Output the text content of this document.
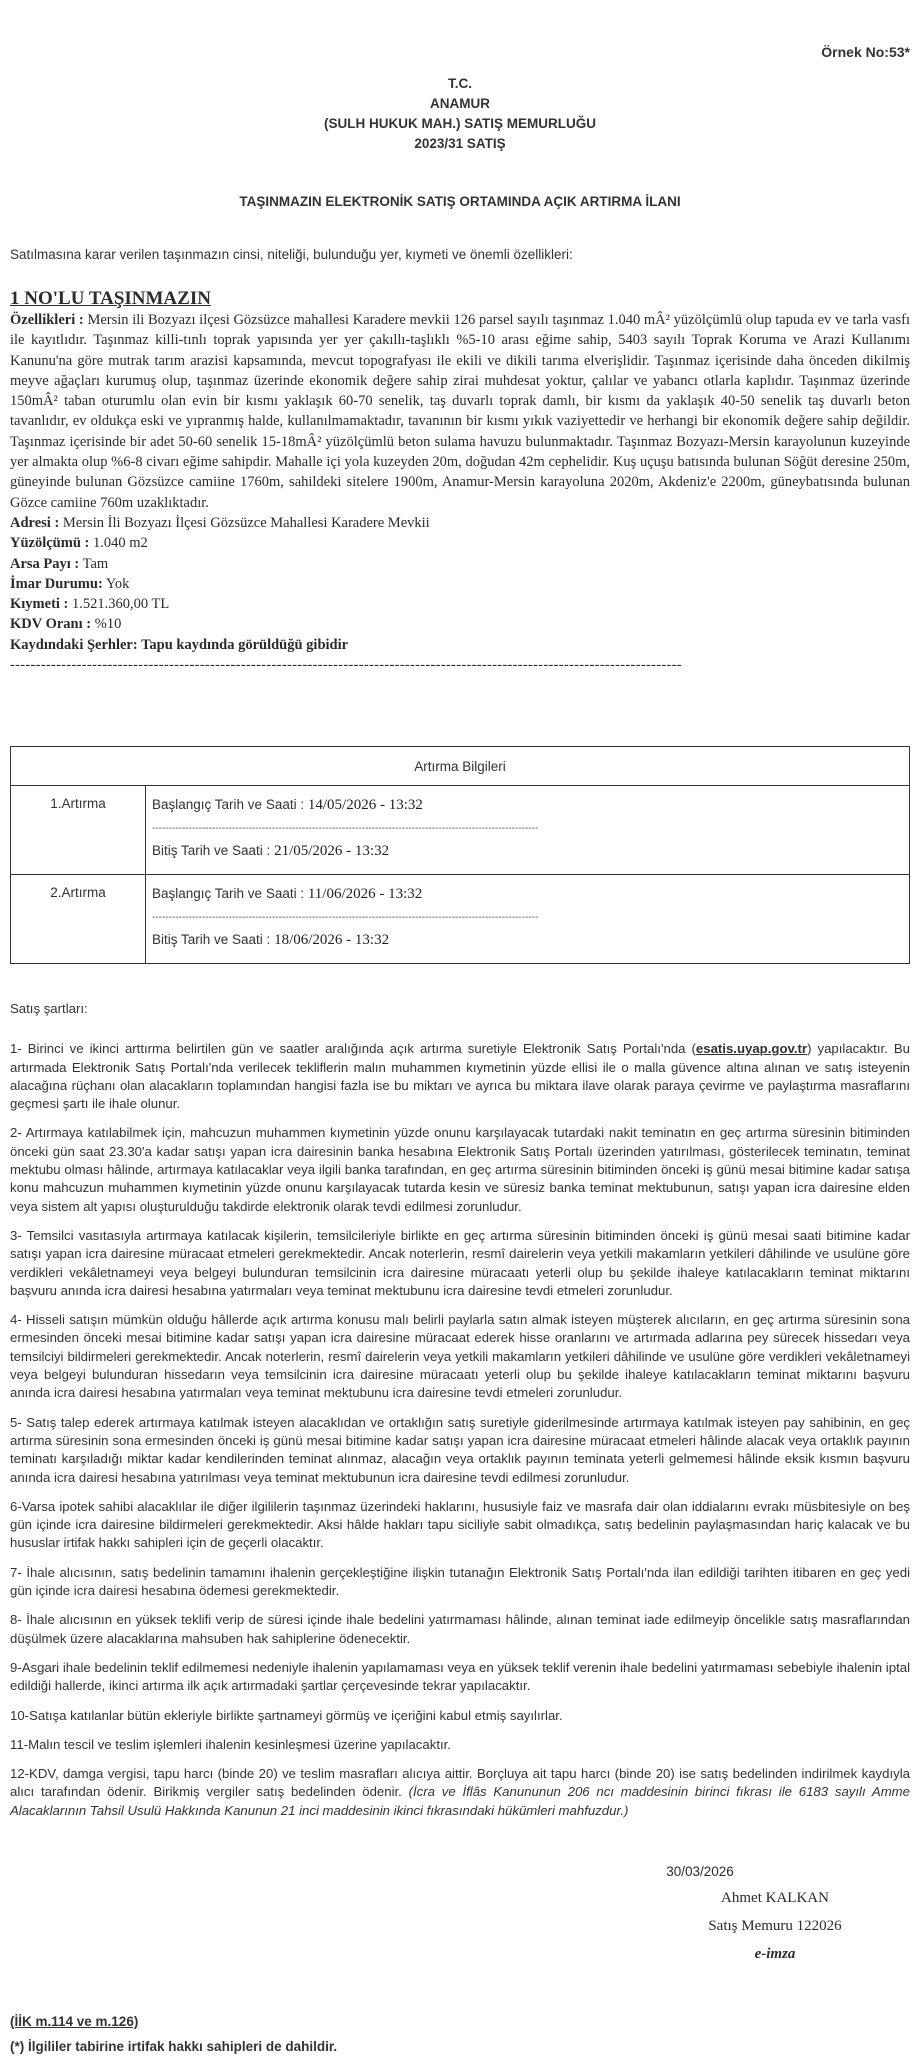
Örnek No:53*
T.C.
ANAMUR
(SULH HUKUK MAH.) SATIŞ MEMURLUĞU
2023/31 SATIŞ
TAŞINMAZIN ELEKTRONİK SATIŞ ORTAMINDA AÇIK ARTIRMA İLANI
Satılmasına karar verilen taşınmazın cinsi, niteliği, bulunduğu yer, kıymeti ve önemli özellikleri:
1 NO'LU TAŞINMAZIN
Özellikleri : Mersin ili Bozyazı ilçesi Gözsüzce mahallesi Karadere mevkii 126 parsel sayılı taşınmaz 1.040 mÂ² yüzölçümlü olup tapuda ev ve tarla vasfı ile kayıtlıdır. Taşınmaz killi-tınlı toprak yapısında yer yer çakıllı-taşlıklı %5-10 arası eğime sahip, 5403 sayılı Toprak Koruma ve Arazi Kullanımı Kanunu'na göre mutrak tarım arazisi kapsamında, mevcut topografyası ile ekili ve dikili tarıma elverişlidir. Taşınmaz içerisinde daha önceden dikilmiş meyve ağaçları kurumuş olup, taşınmaz üzerinde ekonomik değere sahip zirai muhdesat yoktur, çalılar ve yabancı otlarla kaplıdır. Taşınmaz üzerinde 150mÂ² taban oturumlu olan evin bir kısmı yaklaşık 60-70 senelik, taş duvarlı toprak damlı, bir kısmı da yaklaşık 40-50 senelik taş duvarlı beton tavanlıdır, ev oldukça eski ve yıpranmış halde, kullanılmamaktadır, tavanının bir kısmı yıkık vaziyettedir ve herhangi bir ekonomik değere sahip değildir. Taşınmaz içerisinde bir adet 50-60 senelik 15-18mÂ² yüzölçümlü beton sulama havuzu bulunmaktadır. Taşınmaz Bozyazı-Mersin karayolunun kuzeyinde yer almakta olup %6-8 civarı eğime sahipdir. Mahalle içi yola kuzeyden 20m, doğudan 42m cephelidir. Kuş uçuşu batısında bulunan Söğüt deresine 250m, güneyinde bulunan Gözsüzce camiine 1760m, sahildeki sitelere 1900m, Anamur-Mersin karayoluna 2020m, Akdeniz'e 2200m, güneybatısında bulunan Gözce camiine 760m uzaklıktadır.
Adresi : Mersin İli Bozyazı İlçesi Gözsüzce Mahallesi Karadere Mevkii
Yüzölçümü : 1.040 m2
Arsa Payı : Tam
İmar Durumu: Yok
Kıymeti : 1.521.360,00 TL
KDV Oranı : %10
Kaydındaki Şerhler: Tapu kaydında görüldüğü gibidir
-----------------------------------------------------------------------------------------------------------------------------------
Artırma Bilgileri	
1.Artırma	Başlangıç Tarih ve Saati : 14/05/2026 - 13:32
--------------------------------------------------------------------------------------------------------------------
Bitiş Tarih ve Saati : 21/05/2026 - 13:32

2.Artırma	Başlangıç Tarih ve Saati : 11/06/2026 - 13:32
--------------------------------------------------------------------------------------------------------------------
Bitiş Tarih ve Saati : 18/06/2026 - 13:32

Satış şartları:

1- Birinci ve ikinci arttırma belirtilen gün ve saatler aralığında açık artırma suretiyle Elektronik Satış Portalı'nda (esatis.uyap.gov.tr) yapılacaktır. Bu artırmada Elektronik Satış Portalı'nda verilecek tekliflerin malın muhammen kıymetinin yüzde ellisi ile o malla güvence altına alınan ve satış isteyenin alacağına rüçhanı olan alacakların toplamından hangisi fazla ise bu miktarı ve ayrıca bu miktara ilave olarak paraya çevirme ve paylaştırma masraflarını geçmesi şartı ile ihale olunur.

2- Artırmaya katılabilmek için, mahcuzun muhammen kıymetinin yüzde onunu karşılayacak tutardaki nakit teminatın en geç artırma süresinin bitiminden önceki gün saat 23.30'a kadar satışı yapan icra dairesinin banka hesabına Elektronik Satış Portalı üzerinden yatırılması, gösterilecek teminatın, teminat mektubu olması hâlinde, artırmaya katılacaklar veya ilgili banka tarafından, en geç artırma süresinin bitiminden önceki iş günü mesai bitimine kadar satışa konu mahcuzun muhammen kıymetinin yüzde onunu karşılayacak tutarda kesin ve süresiz banka teminat mektubunun, satışı yapan icra dairesine elden veya sistem alt yapısı oluşturulduğu takdirde elektronik olarak tevdi edilmesi zorunludur.

3- Temsilci vasıtasıyla artırmaya katılacak kişilerin, temsilcileriyle birlikte en geç artırma süresinin bitiminden önceki iş günü mesai saati bitimine kadar satışı yapan icra dairesine müracaat etmeleri gerekmektedir. Ancak noterlerin, resmî dairelerin veya yetkili makamların yetkileri dâhilinde ve usulüne göre verdikleri vekâletnameyi veya belgeyi bulunduran temsilcinin icra dairesine müracaatı yeterli olup bu şekilde ihaleye katılacakların teminat miktarını başvuru anında icra dairesi hesabına yatırmaları veya teminat mektubunu icra dairesine tevdi etmeleri zorunludur.

4- Hisseli satışın mümkün olduğu hâllerde açık artırma konusu malı belirli paylarla satın almak isteyen müşterek alıcıların, en geç artırma süresinin sona ermesinden önceki mesai bitimine kadar satışı yapan icra dairesine müracaat ederek hisse oranlarını ve artırmada adlarına pey sürecek hissedarı veya temsilciyi bildirmeleri gerekmektedir. Ancak noterlerin, resmî dairelerin veya yetkili makamların yetkileri dâhilinde ve usulüne göre verdikleri vekâletnameyi veya belgeyi bulunduran hissedarın veya temsilcinin icra dairesine müracaatı yeterli olup bu şekilde ihaleye katılacakların teminat miktarını başvuru anında icra dairesi hesabına yatırmaları veya teminat mektubunu icra dairesine tevdi etmeleri zorunludur.

5- Satış talep ederek artırmaya katılmak isteyen alacaklıdan ve ortaklığın satış suretiyle giderilmesinde artırmaya katılmak isteyen pay sahibinin, en geç artırma süresinin sona ermesinden önceki iş günü mesai bitimine kadar satışı yapan icra dairesine müracaat etmeleri hâlinde alacak veya ortaklık payının teminatı karşıladığı miktar kadar kendilerinden teminat alınmaz, alacağın veya ortaklık payının teminata yeterli gelmemesi hâlinde eksik kısmın başvuru anında icra dairesi hesabına yatırılması veya teminat mektubunun icra dairesine tevdi edilmesi zorunludur.

6-Varsa ipotek sahibi alacaklılar ile diğer ilgililerin taşınmaz üzerindeki haklarını, hususiyle faiz ve masrafa dair olan iddialarını evrakı müsbitesiyle on beş gün içinde icra dairesine bildirmeleri gerekmektedir. Aksi hâlde hakları tapu siciliyle sabit olmadıkça, satış bedelinin paylaşmasından hariç kalacak ve bu hususlar irtifak hakkı sahipleri için de geçerli olacaktır.

7- İhale alıcısının, satış bedelinin tamamını ihalenin gerçekleştiğine ilişkin tutanağın Elektronik Satış Portalı'nda ilan edildiği tarihten itibaren en geç yedi gün içinde icra dairesi hesabına ödemesi gerekmektedir.

8- İhale alıcısının en yüksek teklifi verip de süresi içinde ihale bedelini yatırmaması hâlinde, alınan teminat iade edilmeyip öncelikle satış masraflarından düşülmek üzere alacaklarına mahsuben hak sahiplerine ödenecektir.

9-Asgari ihale bedelinin teklif edilmemesi nedeniyle ihalenin yapılamaması veya en yüksek teklif verenin ihale bedelini yatırmaması sebebiyle ihalenin iptal edildiği hallerde, ikinci artırma ilk açık artırmadaki şartlar çerçevesinde tekrar yapılacaktır.

10-Satışa katılanlar bütün ekleriyle birlikte şartnameyi görmüş ve içeriğini kabul etmiş sayılırlar.

11-Malın tescil ve teslim işlemleri ihalenin kesinleşmesi üzerine yapılacaktır.

12-KDV, damga vergisi, tapu harcı (binde 20) ve teslim masrafları alıcıya aittir. Borçluya ait tapu harcı (binde 20) ise satış bedelinden indirilmek kaydıyla alıcı tarafından ödenir. Birikmiş vergiler satış bedelinden ödenir. (İcra ve İflâs Kanununun 206 ncı maddesinin birinci fıkrası ile 6183 sayılı Amme Alacaklarının Tahsil Usulü Hakkında Kanunun 21 inci maddesinin ikinci fıkrasındaki hükümleri mahfuzdur.)

30/03/2026
Ahmet KALKAN
Satış Memuru 122026
e-imza
(İİK m.114 ve m.126)
(*) İlgililer tabirine irtifak hakkı sahipleri de dahildir.
